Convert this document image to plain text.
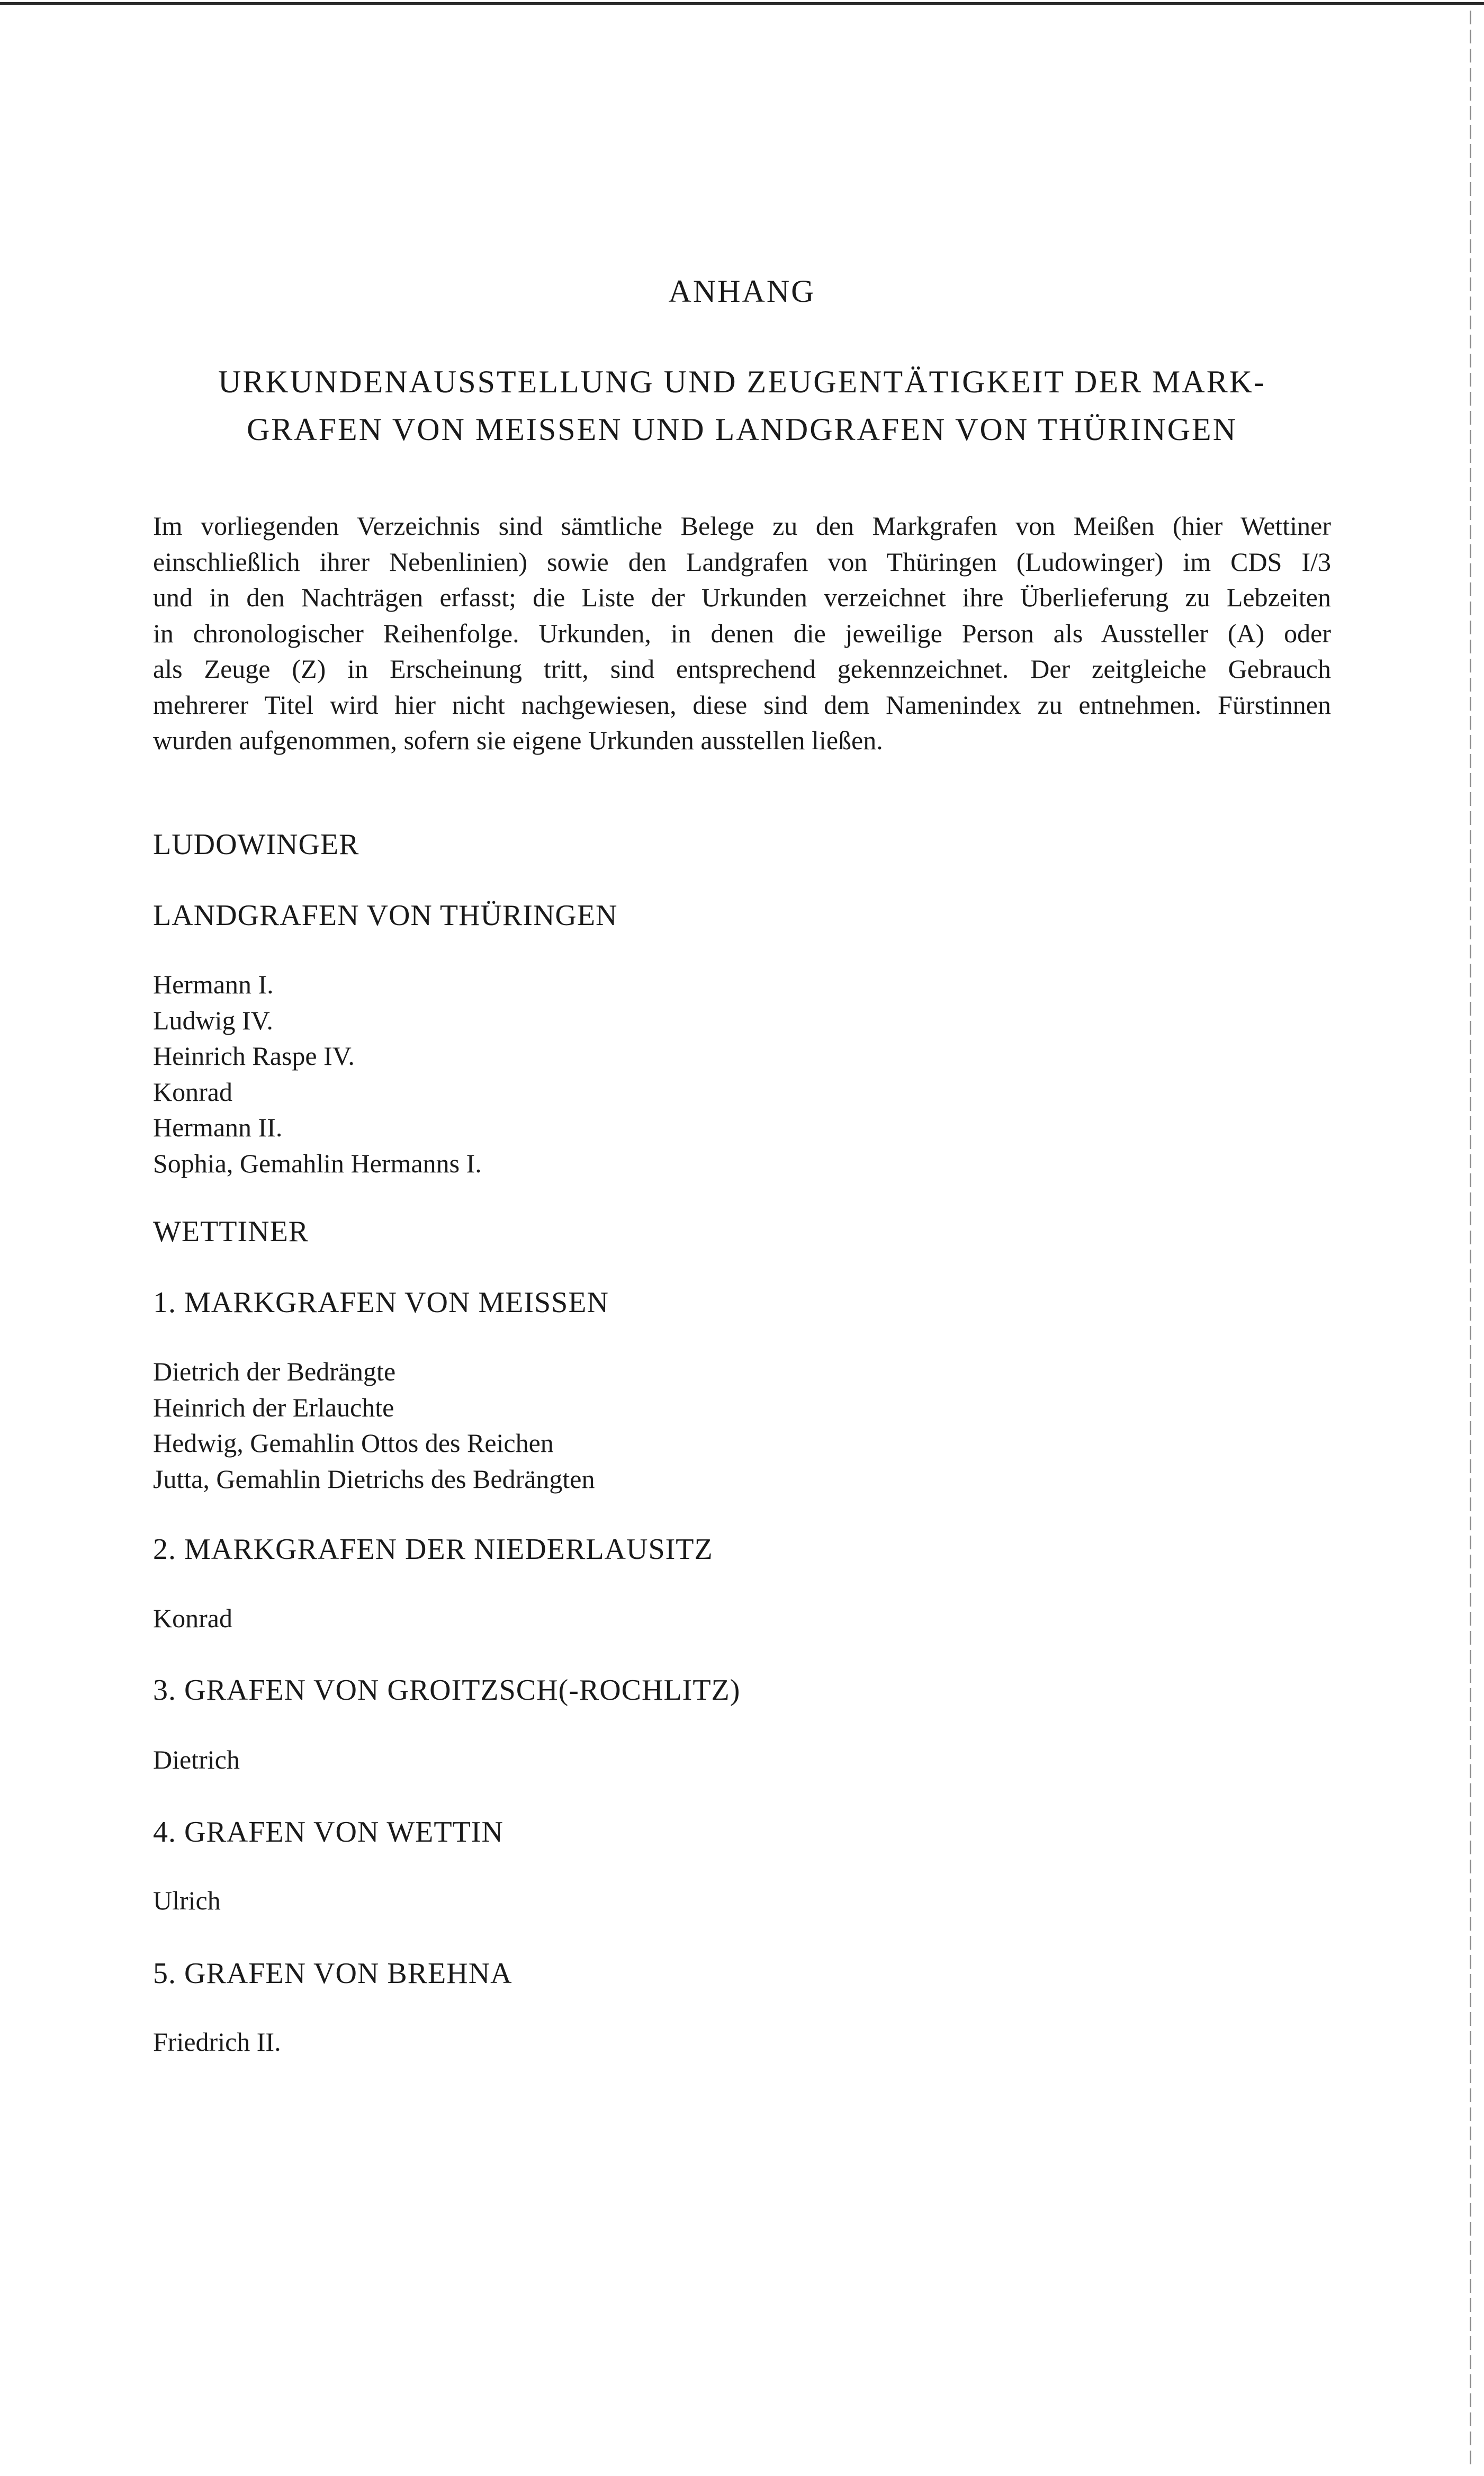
ANHANG
URKUNDENAUSSTELLUNG UND ZEUGENTÄTIGKEIT DER MARK-
GRAFEN VON MEISSEN UND LANDGRAFEN VON THÜRINGEN
Im vorliegenden Verzeichnis sind sämtliche Belege zu den Markgrafen von Meißen (hier Wettiner
einschließlich ihrer Nebenlinien) sowie den Landgrafen von Thüringen (Ludowinger) im CDS I/3
und in den Nachträgen erfasst; die Liste der Urkunden verzeichnet ihre Überlieferung zu Lebzeiten
in chronologischer Reihenfolge. Urkunden, in denen die jeweilige Person als Aussteller (A) oder
als Zeuge (Z) in Erscheinung tritt, sind entsprechend gekennzeichnet. Der zeitgleiche Gebrauch
mehrerer Titel wird hier nicht nachgewiesen, diese sind dem Namenindex zu entnehmen. Fürstinnen
wurden aufgenommen, sofern sie eigene Urkunden ausstellen ließen.
LUDOWINGER
LANDGRAFEN VON THÜRINGEN
Hermann I.
Ludwig IV.
Heinrich Raspe IV.
Konrad
Hermann II.
Sophia, Gemahlin Hermanns I.
WETTINER
1. MARKGRAFEN VON MEISSEN
Dietrich der Bedrängte
Heinrich der Erlauchte
Hedwig, Gemahlin Ottos des Reichen
Jutta, Gemahlin Dietrichs des Bedrängten
2. MARKGRAFEN DER NIEDERLAUSITZ
Konrad
3. GRAFEN VON GROITZSCH(-ROCHLITZ)
Dietrich
4. GRAFEN VON WETTIN
Ulrich
5. GRAFEN VON BREHNA
Friedrich II.
